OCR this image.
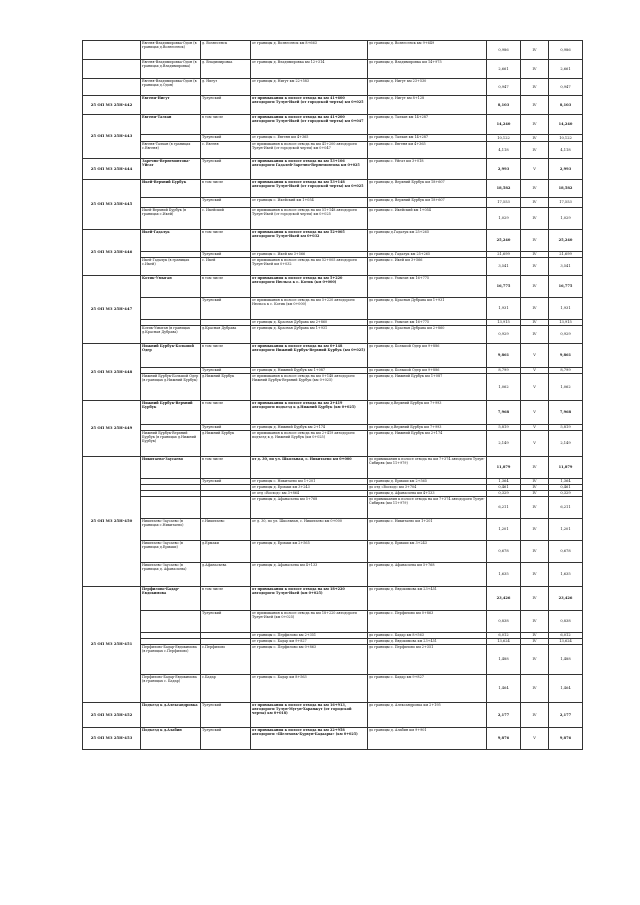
	Евгеня-Владимировка-Одон (в границах д.Вознесенск)	д. Вознесенск	от границы д. Вознесенск км 8+663	до границы д. Вознесенск км 9+649	0,986	IV	0,986
	Евгеня-Владимировка-Одон (в границах д.Владимировка)	д. Владимировка	от границы д. Владимировка км 12+314	до границы д. Владимировка км 14+975	2,661	IV	2,661
	Евгеня-Владимировка-Одон (в границах д.Одон)	д. Нигут	от границы д. Нигут км 22+583	до границы д. Нигут км 23+530	0,947	IV	0,947
25 ОП МЗ 25Н-442	Евгеня-Нигут	Тулунский	от примыкания к полосе отвода на км 41+600 автодороги Тулун-Икей (от городской черты) км 0+025	до границы д. Нигут км 8+128	8,103	IV	8,103
25 ОП МЗ 25Н-443	Евгеня-Талхан	в том числе	от примыкания к полосе отвода на км 41+200 автодороги Тулун-Икей (от городской черты) км 0+047	до границы д. Талхан км 14+287	14,240	IV	14,240
		Тулунский	от границы с. Евгеня км 4+365	до границы д. Талхан км 14+287	10,122	IV	10,122
	Евгеня-Талхан (в границах с.Евгеня)	с. Евгеня	от примыкания к полосе отвода на км 41+200 автодороги Тулун-Икей (от городской черты) км 0+047	до границы с. Евгеня км 4+365	4,118	IV	4,118
25 ОП МЗ 25Н-444	Заречно-Вернемонтова-Уйгат	Тулунский	от примыкания к полосе отвода на км 53+106 автодороги Гадалей-Заречно-Вернемонтова км 0+025	до границы с. Уйгат км 3+018	2,993	V	2,993
25 ОП МЗ 25Н-445	Икей-Верхний Бурбук	в том числе	от примыкания к полосе отвода на км 53+148 автодороги Тулун-Икей (от городской черты) км 0+025	до границы д. Верхний Бурбук км 18+607	18,582	IV	18,582
		Тулунский	от границы с. Икейский км 1+054	до границы д. Верхний Бурбук км 18+607	17,553	IV	17,553
	Икей-Верхний Бурбук (в границах с.Икей)	с. Икейский	от примыкания к полосе отвода на км 51+148 автодороги Тулун-Икей (от городской черты) км 0+025	до границы с. Икейский км 1+054	1,029	IV	1,029
25 ОП МЗ 25Н-446	Икей-Гадалук	в том числе	от примыкания к полосе отвода на км 52+005 автодороги Тулун-Икей км 0+032	до границы д.Гадалук км 25+265	25,240	IV	25,240
		Тулунский	от границы с. Икей км 3+566	до границы д. Гадалук км 25+265	21,699	IV	21,699
	Икей-Гадалук (в границах с.Икей)	с. Икей	от примыкания к полосе отвода на км 52+005 автодороги Тулун-Икей км 0+032	до границы с. Икей км 3+566	3,541	IV	3,541
25 ОП МЗ 25Н-447	Котик-Умыган	в том числе	от примыкания к полосе отвода на км 5+220 автодороги Нюльса к с. Котик (км 0+000)	до границы с. Умыган км 16+775	16,775	IV	16,775
		Тулунский	от примыкания к полосе отвода на км 5+220 автодороги Нюльса к с. Котик (км 0+000)	до границы д. Красная Дубрава км 1+931	1,931	IV	1,931
			от границы д. Красная Дубрава км 2+860	до границы с. Умыган км 16+775	13,915	IV	13,915
	Котик-Умыган (в границах д.Красная Дубрава)	д.Красная Дубрава	от границы д. Красная Дубрава км 1+931	до границы д. Красная Дубрава км 2+860	0,929	IV	0,929
25 ОП МЗ 25Н-448	Нижний Бурбук-Большой Одер	в том числе	от примыкания к полосе отвода на км 0+148 автодороги Нижний Бурбук-Верхний Бурбук (км 0+025)	до границы д. Большой Одер км 9+886	9,861	V	9,861
		Тулунский	от границы д. Нижний Бурбук км 1+087	до границы д. Большой Одер км 9+886	8,799	V	8,799
	Нижний Бурбук-Большой Одер (в границах д.Нижний Бурбук)	д.Нижний Бурбук	от примыкания к полосе отвода на км 0+148 автодороги Нижний Бурбук-Верхний Бурбук (км 0+025)	до границы д. Нижний Бурбук км 1+087	1,062	V	1,062
25 ОП МЗ 25Н-449	Нижний Бурбук-Верхний Бурбук	в том числе	от примыкания к полосе отвода на км 2+419 автодороги подъезд к д.Нижний Бурбук (км 0+025)	до границы д.Верхний Бурбук км 7+993	7,968	V	7,968
		Тулунский	от границы д. Нижний Бурбук км 2+174	до границы д.Верхний Бурбук км 7+993	5,819	V	5,819
	Нижний Бурбук-Верхний Бурбук (в границах д.Нижний Бурбук)	д.Нижний Бурбук	от примыкания к полосе отвода на км 2+419 автодороги подъезд к д. Нижний Бурбук (км 0+025)	до границы д. Нижний Бурбук км 2+174	2,149	V	2,149
25 ОП МЗ 25Н-450	Никитаево-Заусаево	в том числе	от д. 30, по ул. Школьная, с. Никитаево км 0+000	до примыкания к полосе отвода на км 7+374 автодороги Тулун-Сибиряк (км 11+979)	11,879	IV	11,879
		Тулунский	от границы с. Никитаево км 1+201	до границы д. Ермаки км 2+565	1,364	IV	1,364
			от границы д. Ермаки км 3+243	до отд «Восход» км 3+704	0,461	IV	0,461
			от отд «Восход» км 3+864	до границы д. Афанасьева км 4+133	0,329	IV	0,329
			от границы д. Афанасьева км 5+768	до примыкания к полосе отвода на км 7+374 автодороги Тулун-Сибиряк (км 11+979)	6,211	IV	6,211
	Никитаево-Заусаево (в границах с.Никитаево)	с.Никитаево	от д. 30, по ул. Школьная, с. Никитаево км 0+000	до границы с. Никитаево км 1+201	1,201	IV	1,201
	Никитаево-Заусаево (в границах д.Ермаки)	д.Ермаки	от границы д. Ермаки км 2+565	до границы д. Ермаки км 3+243	0,678	IV	0,678
	Никитаево-Заусаево (в границах д. Афанасьева)	д.Афанасьева	от границы д. Афанасьева км 4+133	до границы д. Афанасьева км 5+768	1,635	IV	1,635
25 ОП МЗ 25Н-451	Перфилово-Бадар-Евдокимова	в том числе	от примыкания к полосе отвода на км 18+220 автодороги Тулун-Икей (км 0+025)	до границы д. Евдокимова км 23+451	23,426	IV	23,426
		Тулунский	от примыкания к полосе отвода на км 18+220 автодороги Тулун-Икей (км 0+025)	до границы с. Перфилово км 0+863	0,838	IV	0,838
			от границы с. Перфилово км 2+351	до границы с. Бадар км 8+563	6,012	IV	6,012
			от границы с. Бадар км 9+827	до границы д. Евдокимова км 23+451	13,624	IV	13,624
	Перфилово-Бадар-Евдокимова (в границах с.Перфилово)	с.Перфилово	от границы с. Перфилово км 0+863	до границы с. Перфилово км 2+351	1,488	IV	1,488
	Перфилово-Бадар-Евдокимова (в границах с. Бадар)	с.Бадар	от границы с. Бадар км 8+563	до границы с. Бадар км 9+827	1,464	IV	1,464
25 ОП МЗ 25Н-452	Подъезд к д.Александровка	Тулунский	от примыкания к полосе отвода на км 16+913, автодороги Тулун-Мугун-Харанжут (от городской черты) км 0+018)	до границы д. Александровка км 2+195	2,177	IV	2,177
25 ОП МЗ 25Н-453	Подъезд к д.Алабин	Тулунский	от примыкания к полосе отвода на км 22+958 автодороги «Шелеховь-Бурхун-Бадаары» (км 0+025)	до границы д. Алабин км 9+901	9,876	V	9,876
